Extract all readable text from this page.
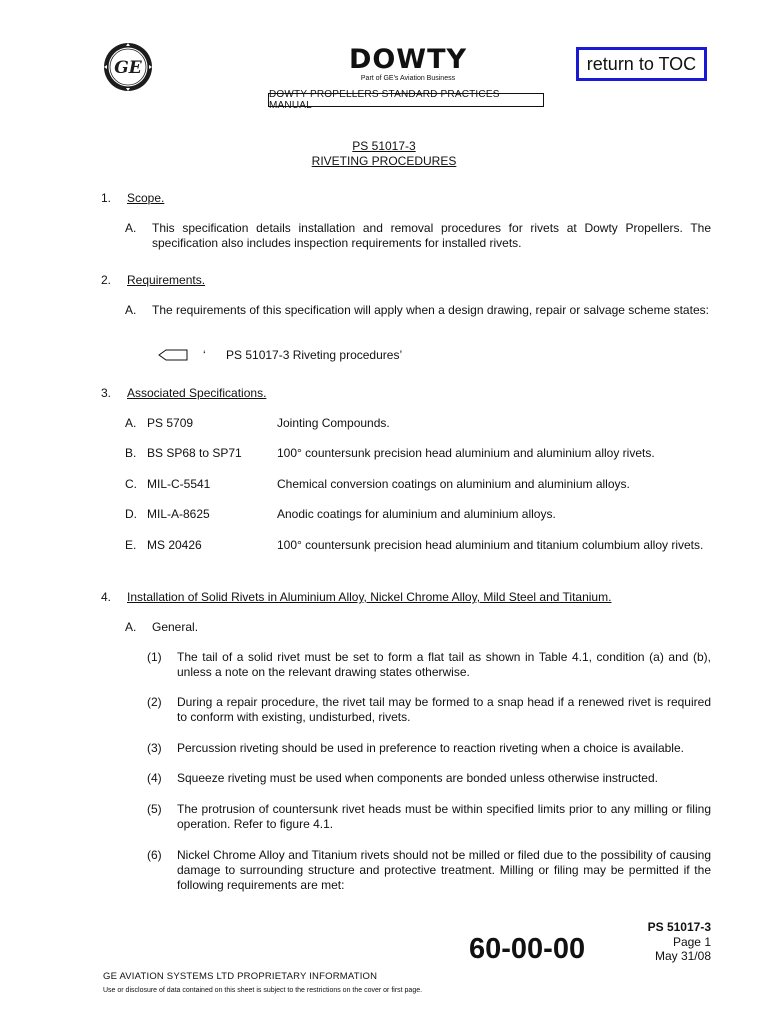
GE	DOWTY
Part of GE's Aviation Business
return to TOC
DOWTY PROPELLERS STANDARD PRACTICES MANUAL
PS 51017-3
RIVETING PROCEDURES
1. Scope.
A. This specification details installation and removal procedures for rivets at Dowty Propellers. The specification also includes inspection requirements for installed rivets.
2. Requirements.
A. The requirements of this specification will apply when a design drawing, repair or salvage scheme states:
‘ PS 51017-3 Riveting procedures’
3. Associated Specifications.
A. PS 5709	Jointing Compounds.
B. BS SP68 to SP71	100° countersunk precision head aluminium and aluminium alloy rivets.
C. MIL-C-5541	Chemical conversion coatings on aluminium and aluminium alloys.
D. MIL-A-8625	Anodic coatings for aluminium and aluminium alloys.
E. MS 20426	100° countersunk precision head aluminium and titanium columbium alloy rivets.
4. Installation of Solid Rivets in Aluminium Alloy, Nickel Chrome Alloy, Mild Steel and Titanium.
A. General.
(1) The tail of a solid rivet must be set to form a flat tail as shown in Table 4.1, condition (a) and (b), unless a note on the relevant drawing states otherwise.
(2) During a repair procedure, the rivet tail may be formed to a snap head if a renewed rivet is required to conform with existing, undisturbed, rivets.
(3) Percussion riveting should be used in preference to reaction riveting when a choice is available.
(4) Squeeze riveting must be used when components are bonded unless otherwise instructed.
(5) The protrusion of countersunk rivet heads must be within specified limits prior to any milling or filing operation. Refer to figure 4.1.
(6) Nickel Chrome Alloy and Titanium rivets should not be milled or filed due to the possibility of causing damage to surrounding structure and protective treatment. Milling or filing may be permitted if the following requirements are met:
PS 51017-3
60-00-00	Page 1
May 31/08
GE AVIATION SYSTEMS LTD PROPRIETARY INFORMATION
Use or disclosure of data contained on this sheet is subject to the restrictions on the cover or first page.
